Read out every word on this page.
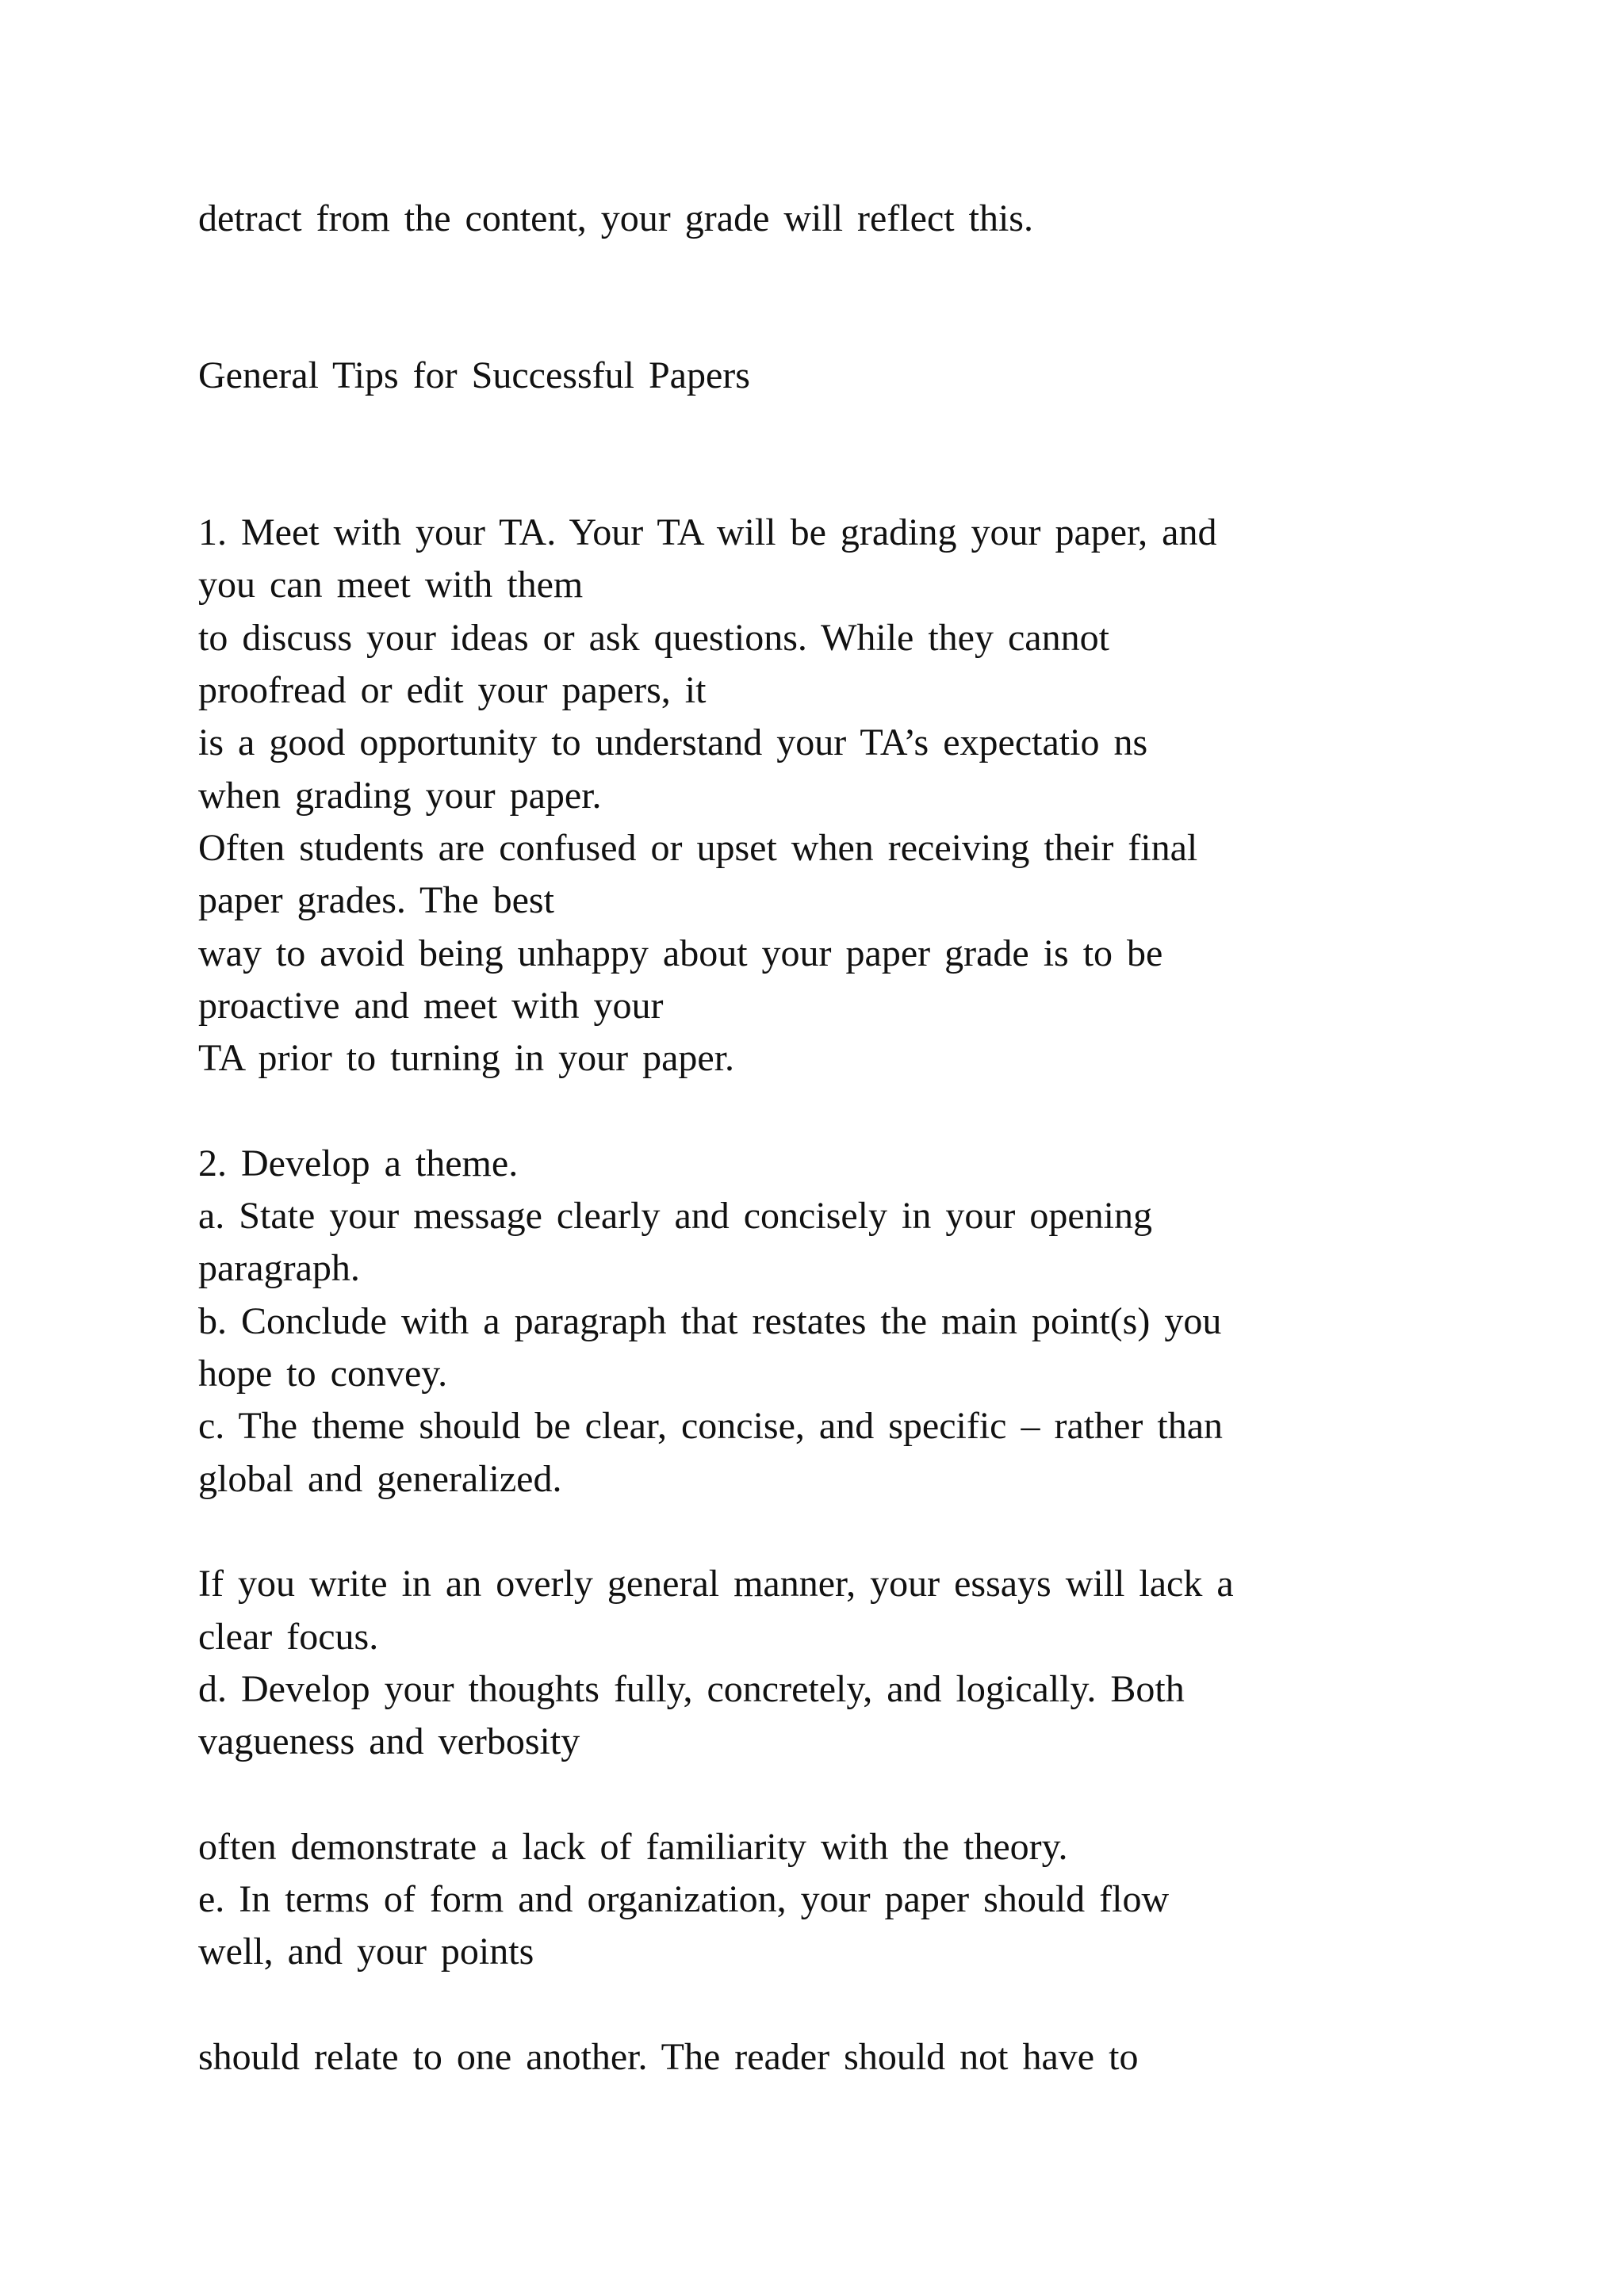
detract from the content, your grade will reflect this.

General Tips for Successful Papers

1. Meet with your TA. Your TA will be grading your paper, and

you can meet with them

to discuss your ideas or ask questions. While they cannot

proofread or edit your papers, it

is a good opportunity to understand your TA’s expectatio ns

when grading your paper.

Often students are confused or upset when receiving their final

paper grades. The best

way to avoid being unhappy about your paper grade is to be

proactive and meet with your

TA prior to turning in your paper.

2. Develop a theme.

a. State your message clearly and concisely in your opening

paragraph.

b. Conclude with a paragraph that restates the main point(s) you

hope to convey.

c. The theme should be clear, concise, and specific – rather than

global and generalized.

If you write in an overly general manner, your essays will lack a

clear focus.

d. Develop your thoughts fully, concretely, and logically. Both

vagueness and verbosity

often demonstrate a lack of familiarity with the theory.

e. In terms of form and organization, your paper should flow

well, and your points

should relate to one another. The reader should not have to
